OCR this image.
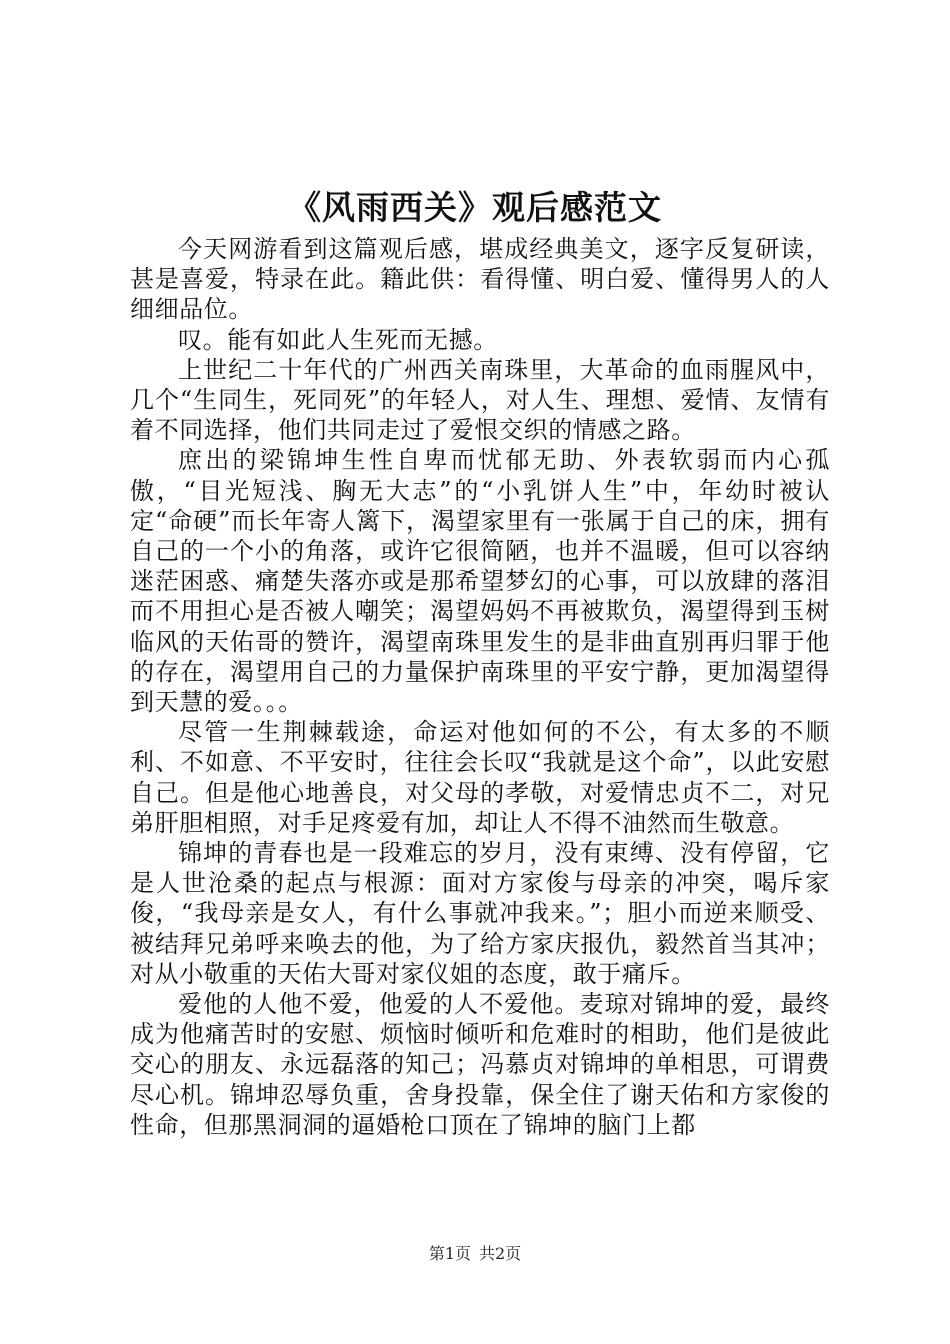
《风雨西关》观后感范文

今天网游看到这篇观后感，堪成经典美文，逐字反复研读，甚是喜爱，特录在此。籍此供：看得懂、明白爱、懂得男人的人细细品位。

叹。能有如此人生死而无撼。

上世纪二十年代的广州西关南珠里，大革命的血雨腥风中，几个“生同生，死同死”的年轻人，对人生、理想、爱情、友情有着不同选择，他们共同走过了爱恨交织的情感之路。

庶出的梁锦坤生性自卑而忧郁无助、外表软弱而内心孤傲，“目光短浅、胸无大志”的“小乳饼人生”中，年幼时被认定“命硬”而长年寄人篱下，渴望家里有一张属于自己的床，拥有自己的一个小的角落，或许它很简陋，也并不温暖，但可以容纳迷茫困惑、痛楚失落亦或是那希望梦幻的心事，可以放肆的落泪而不用担心是否被人嘲笑；渴望妈妈不再被欺负，渴望得到玉树临风的天佑哥的赞许，渴望南珠里发生的是非曲直别再归罪于他的存在，渴望用自己的力量保护南珠里的平安宁静，更加渴望得到天慧的爱。。。

尽管一生荆棘载途，命运对他如何的不公，有太多的不顺利、不如意、不平安时，往往会长叹“我就是这个命”，以此安慰自己。但是他心地善良，对父母的孝敬，对爱情忠贞不二，对兄弟肝胆相照，对手足疼爱有加，却让人不得不油然而生敬意。

锦坤的青春也是一段难忘的岁月，没有束缚、没有停留，它是人世沧桑的起点与根源：面对方家俊与母亲的冲突，喝斥家俊，“我母亲是女人，有什么事就冲我来。”；胆小而逆来顺受、被结拜兄弟呼来唤去的他，为了给方家庆报仇，毅然首当其冲；对从小敬重的天佑大哥对家仪姐的态度，敢于痛斥。

爱他的人他不爱，他爱的人不爱他。麦琼对锦坤的爱，最终成为他痛苦时的安慰、烦恼时倾听和危难时的相助，他们是彼此交心的朋友、永远磊落的知己；冯慕贞对锦坤的单相思，可谓费尽心机。锦坤忍辱负重，舍身投靠，保全住了谢天佑和方家俊的性命，但那黑洞洞的逼婚枪口顶在了锦坤的脑门上都

第1页 共2页
